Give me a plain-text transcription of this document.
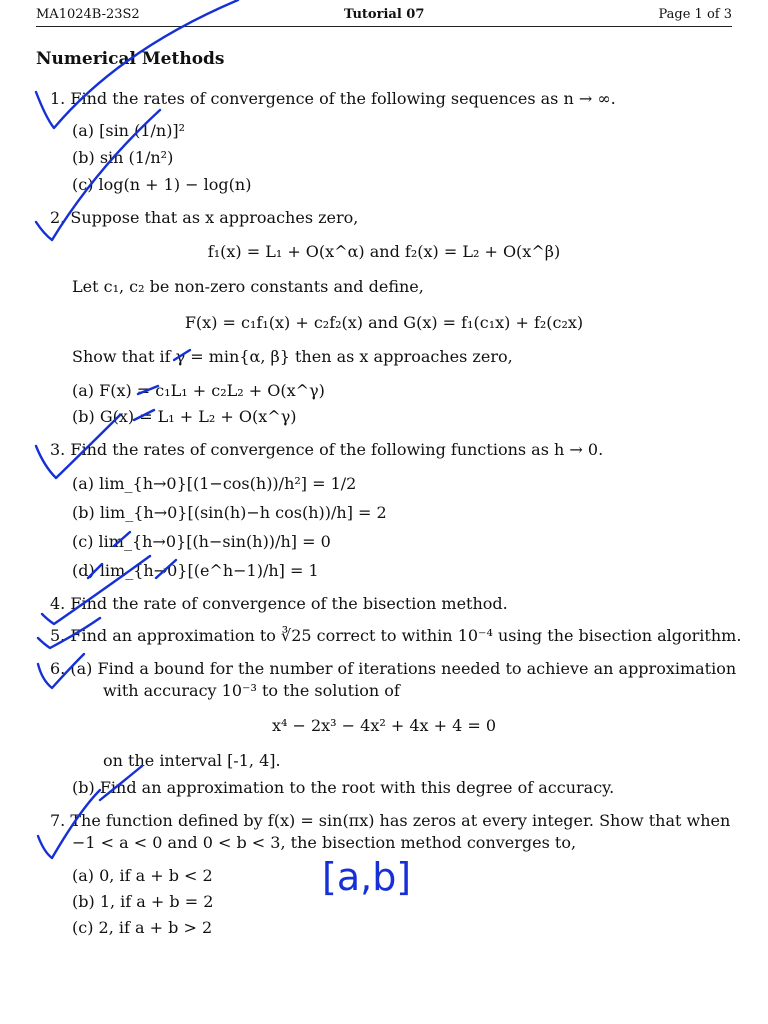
MA1024B-23S2	Tutorial 07	Page 1 of 3
Numerical Methods
1. Find the rates of convergence of the following sequences as n → ∞.
(a) [sin (1/n)]²
(b) sin (1/n²)
(c) log(n + 1) − log(n)
2. Suppose that as x approaches zero,
f₁(x) = L₁ + O(x^α) and f₂(x) = L₂ + O(x^β)
Let c₁, c₂ be non-zero constants and define,
F(x) = c₁f₁(x) + c₂f₂(x) and G(x) = f₁(c₁x) + f₂(c₂x)
Show that if γ = min{α, β} then as x approaches zero,
(a) F(x) = c₁L₁ + c₂L₂ + O(x^γ)
(b) G(x) = L₁ + L₂ + O(x^γ)
3. Find the rates of convergence of the following functions as h → 0.
(a) lim_{h→0}[(1−cos(h))/h²] = 1/2
(b) lim_{h→0}[(sin(h)−h cos(h))/h] = 2
(c) lim_{h→0}[(h−sin(h))/h] = 0
(d) lim_{h→0}[(e^h−1)/h] = 1
4. Find the rate of convergence of the bisection method.
5. Find an approximation to ∛25 correct to within 10⁻⁴ using the bisection algorithm.
6. (a) Find a bound for the number of iterations needed to achieve an approximation
with accuracy 10⁻³ to the solution of
x⁴ − 2x³ − 4x² + 4x + 4 = 0
on the interval [-1, 4].
(b) Find an approximation to the root with this degree of accuracy.
7. The function defined by f(x) = sin(πx) has zeros at every integer. Show that when
−1 < a < 0 and 0 < b < 3, the bisection method converges to,
(a) 0, if a + b < 2
(b) 1, if a + b = 2
(c) 2, if a + b > 2
[a,b]
